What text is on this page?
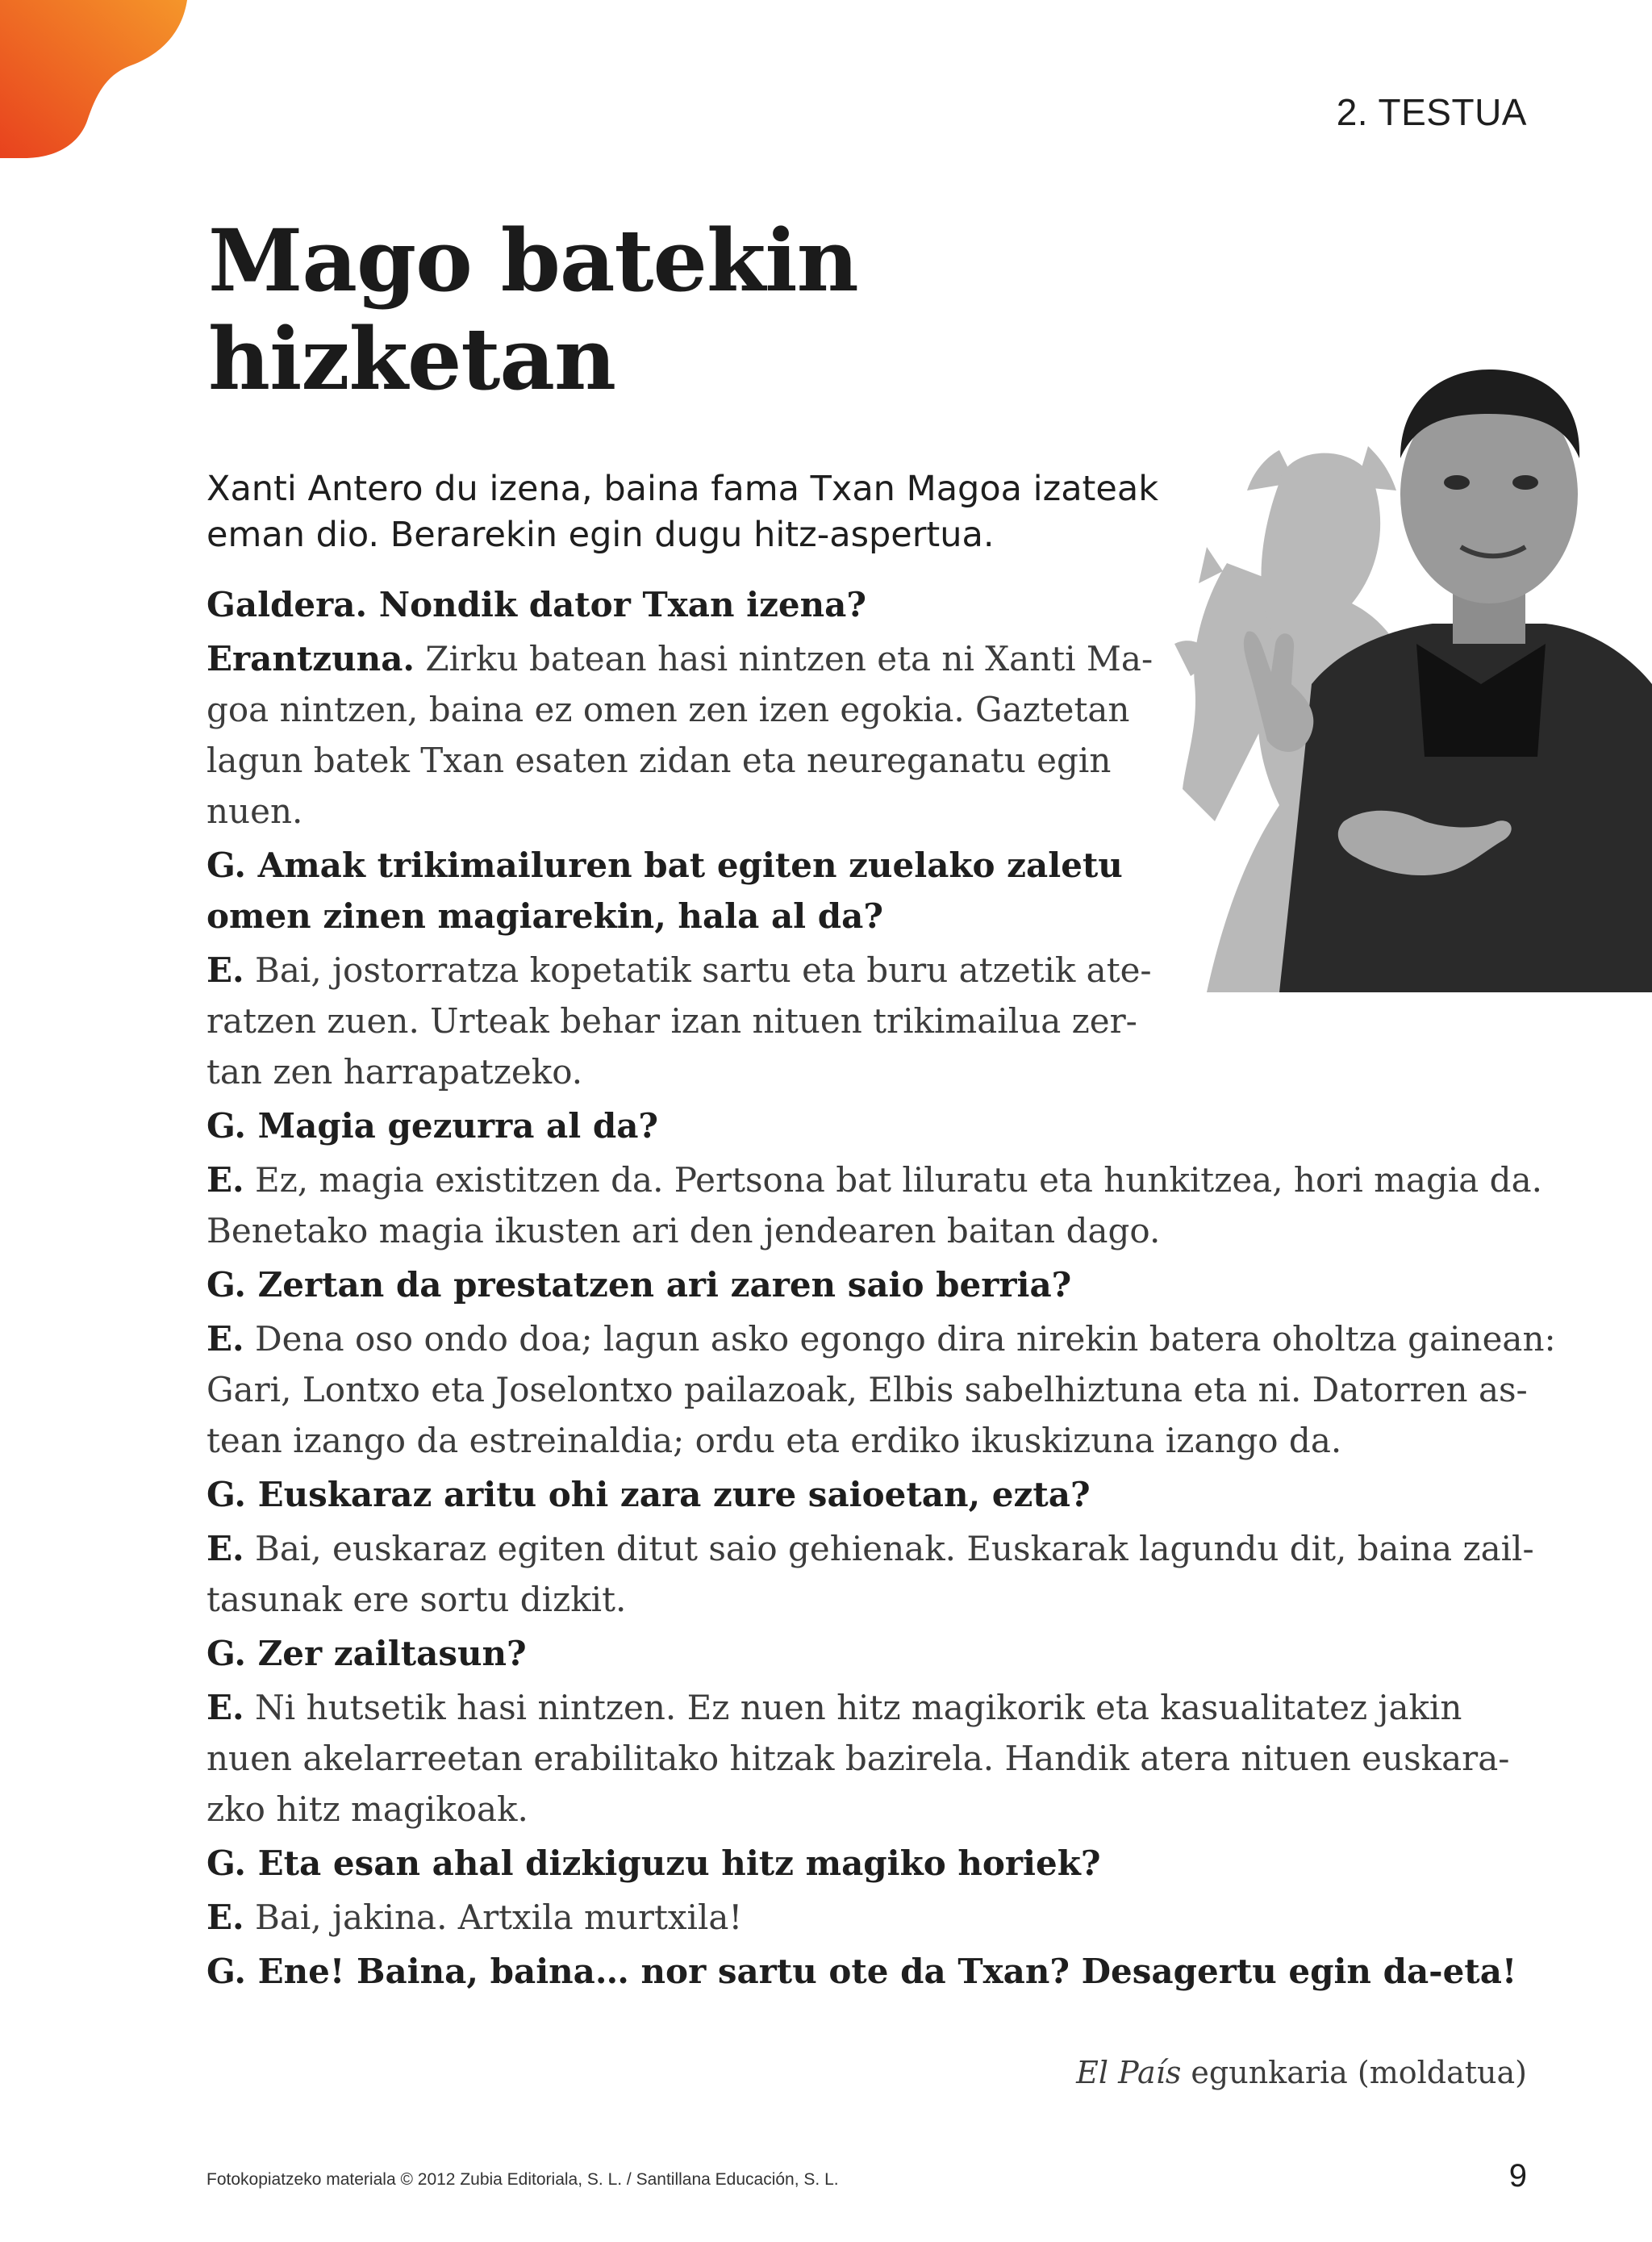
2. TESTUA
Mago batekin
hizketan

Xanti Antero du izena, baina fama Txan Magoa izateak
eman dio. Berarekin egin dugu hitz-aspertua.

Galdera. Nondik dator Txan izena?
Erantzuna. Zirku batean hasi nintzen eta ni Xanti Ma-
goa nintzen, baina ez omen zen izen egokia. Gaztetan
lagun batek Txan esaten zidan eta neureganatu egin
nuen.
G. Amak trikimailuren bat egiten zuelako zaletu
omen zinen magiarekin, hala al da?
E. Bai, jostorratza kopetatik sartu eta buru atzetik ate-
ratzen zuen. Urteak behar izan nituen trikimailua zer-
tan zen harrapatzeko.
G. Magia gezurra al da?
E. Ez, magia existitzen da. Pertsona bat liluratu eta hunkitzea, hori magia da.
Benetako magia ikusten ari den jendearen baitan dago.
G. Zertan da prestatzen ari zaren saio berria?
E. Dena oso ondo doa; lagun asko egongo dira nirekin batera oholtza gainean:
Gari, Lontxo eta Joselontxo pailazoak, Elbis sabelhiztuna eta ni. Datorren as-
tean izango da estreinaldia; ordu eta erdiko ikuskizuna izango da.
G. Euskaraz aritu ohi zara zure saioetan, ezta?
E. Bai, euskaraz egiten ditut saio gehienak. Euskarak lagundu dit, baina zail-
tasunak ere sortu dizkit.
G. Zer zailtasun?
E. Ni hutsetik hasi nintzen. Ez nuen hitz magikorik eta kasualitatez jakin
nuen akelarreetan erabilitako hitzak bazirela. Handik atera nituen euskara-
zko hitz magikoak.
G. Eta esan ahal dizkiguzu hitz magiko horiek?
E. Bai, jakina. Artxila murtxila!
G. Ene! Baina, baina… nor sartu ote da Txan? Desagertu egin da-eta!
El País egunkaria (moldatua)
Fotokopiatzeko materiala © 2012 Zubia Editoriala, S. L. / Santillana Educación, S. L.	9
